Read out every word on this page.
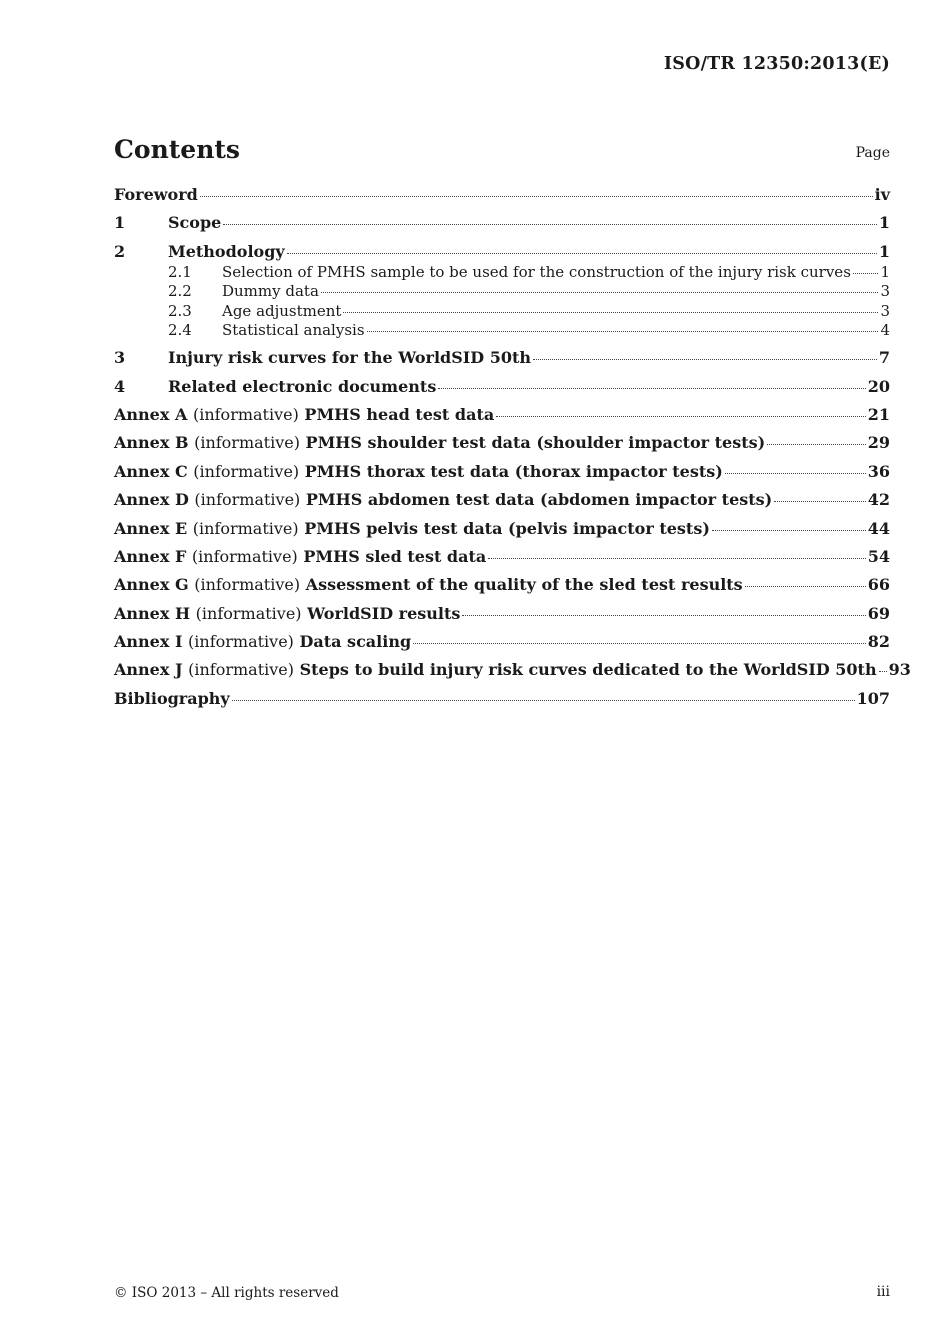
ISO/TR 12350:2013(E)
Contents	Page
Foreword	iv
1	Scope	1
2	Methodology	1
2.1	Selection of PMHS sample to be used for the construction of the injury risk curves 1
2.2	Dummy data	3
2.3	Age adjustment	3
2.4	Statistical analysis	4
3	Injury risk curves for the WorldSID 50th	7
4	Related electronic documents	20
Annex A (informative) PMHS head test data	21
Annex B (informative) PMHS shoulder test data (shoulder impactor tests)	29
Annex C (informative) PMHS thorax test data (thorax impactor tests)	36
Annex D (informative) PMHS abdomen test data (abdomen impactor tests)	42
Annex E (informative) PMHS pelvis test data (pelvis impactor tests)	44
Annex F (informative) PMHS sled test data	54
Annex G (informative) Assessment of the quality of the sled test results	66
Annex H (informative) WorldSID results	69
Annex I (informative) Data scaling	82
Annex J (informative) Steps to build injury risk curves dedicated to the WorldSID 50th 93
Bibliography	107
© ISO 2013 – All rights reserved	iii
